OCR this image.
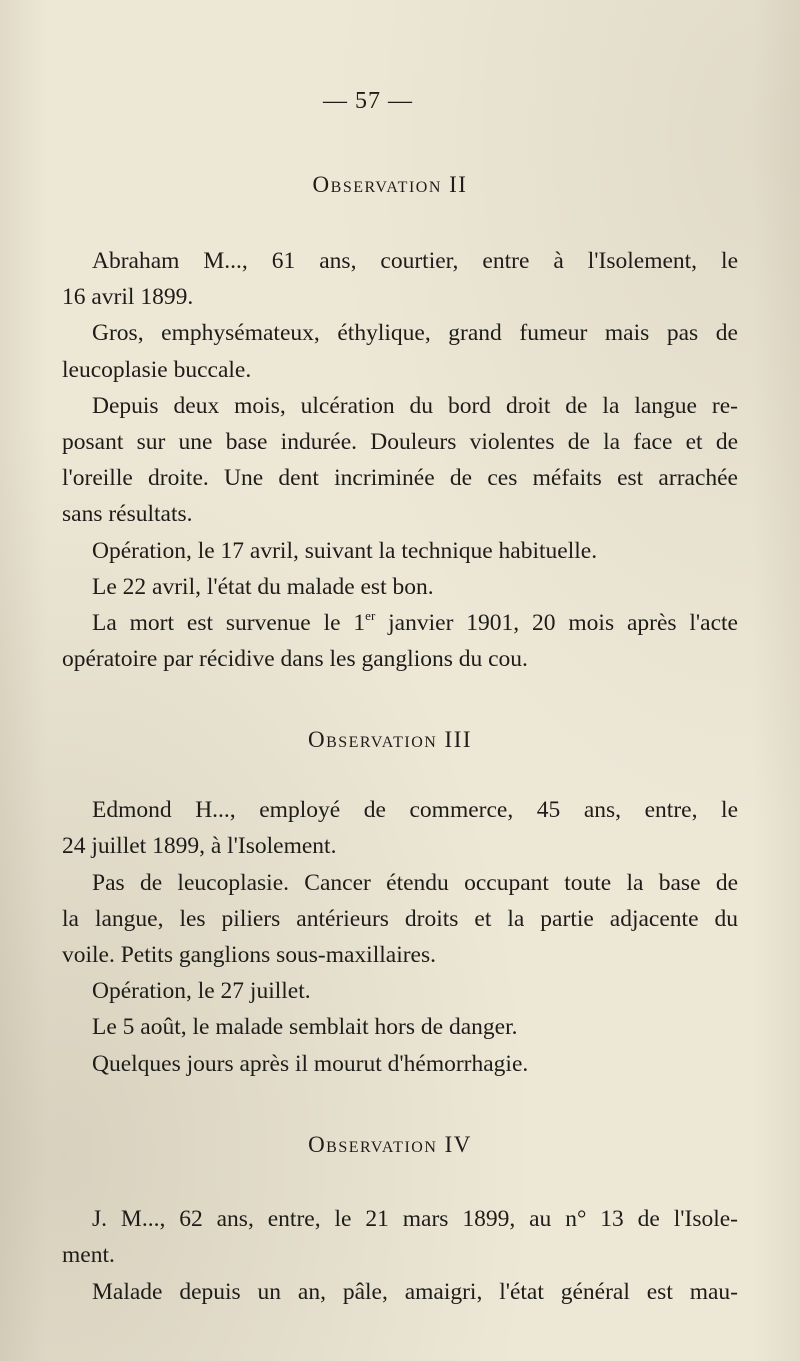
— 57 —
Observation II
Abraham M..., 61 ans, courtier, entre à l'Isolement, le
16 avril 1899.
Gros, emphysémateux, éthylique, grand fumeur mais pas de
leucoplasie buccale.
Depuis deux mois, ulcération du bord droit de la langue re-
posant sur une base indurée. Douleurs violentes de la face et de
l'oreille droite. Une dent incriminée de ces méfaits est arrachée
sans résultats.
Opération, le 17 avril, suivant la technique habituelle.
Le 22 avril, l'état du malade est bon.
La mort est survenue le 1er janvier 1901, 20 mois après l'acte
opératoire par récidive dans les ganglions du cou.
Observation III
Edmond H..., employé de commerce, 45 ans, entre, le
24 juillet 1899, à l'Isolement.
Pas de leucoplasie. Cancer étendu occupant toute la base de
la langue, les piliers antérieurs droits et la partie adjacente du
voile. Petits ganglions sous-maxillaires.
Opération, le 27 juillet.
Le 5 août, le malade semblait hors de danger.
Quelques jours après il mourut d'hémorrhagie.
Observation IV
J. M..., 62 ans, entre, le 21 mars 1899, au n° 13 de l'Isole-
ment.
Malade depuis un an, pâle, amaigri, l'état général est mau-
